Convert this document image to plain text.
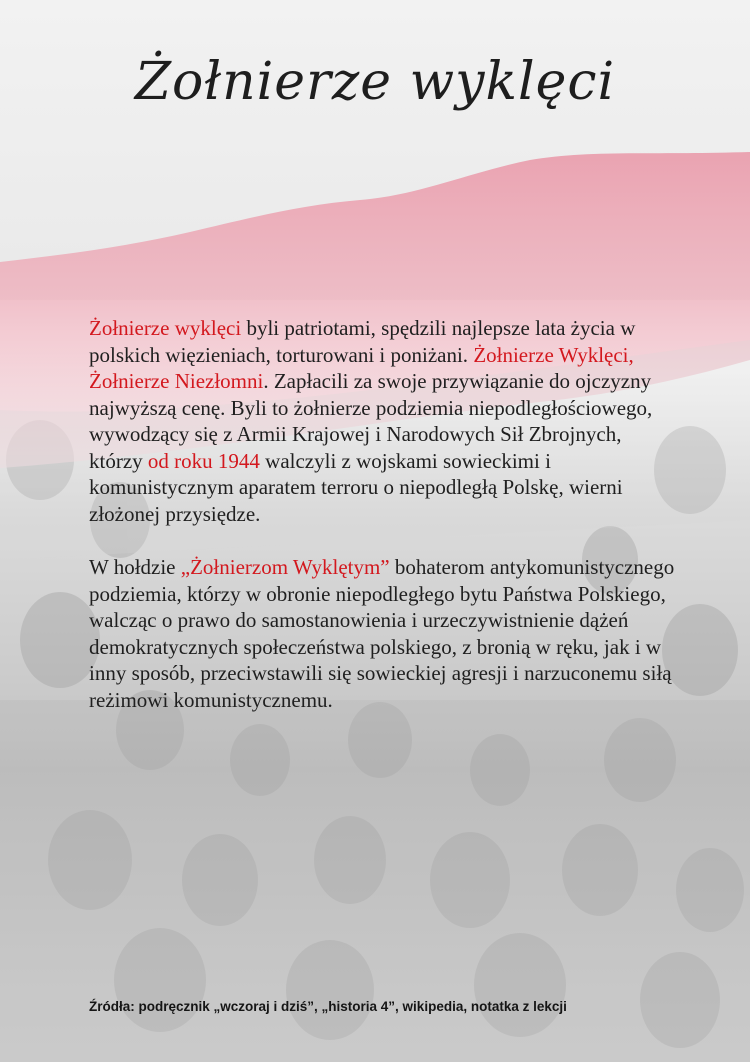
Żołnierze wyklęci

Żołnierze wyklęci byli patriotami, spędzili najlepsze lata życia w polskich więzieniach, torturowani i poniżani. Żołnierze Wyklęci, Żołnierze Niezłomni. Zapłacili za swoje przywiązanie do ojczyzny najwyższą cenę. Byli to żołnierze podziemia niepodległościowego, wywodzący się z Armii Krajowej i Narodowych Sił Zbrojnych, którzy od roku 1944 walczyli z wojskami sowieckimi i komunistycznym aparatem terroru o niepodległą Polskę, wierni złożonej przysiędze.

W hołdzie „Żołnierzom Wyklętym” bohaterom antykomunistycznego podziemia, którzy w obronie niepodległego bytu Państwa Polskiego, walcząc o prawo do samostanowienia i urzeczywistnienie dążeń demokratycznych społeczeństwa polskiego, z bronią w ręku, jak i w inny sposób, przeciwstawili się sowieckiej agresji i narzuconemu siłą reżimowi komunistycznemu.

Źródła: podręcznik „wczoraj i dziś”, „historia 4”, wikipedia, notatka z lekcji
